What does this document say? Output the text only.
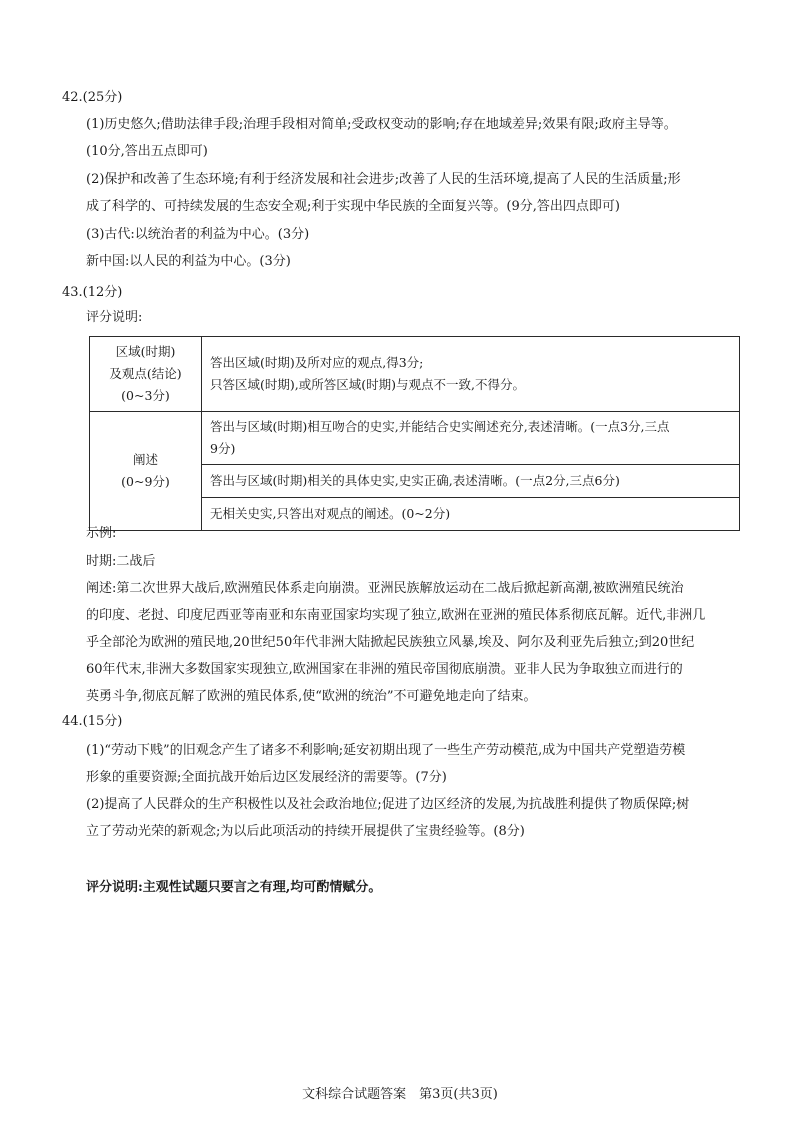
42.(25分)
(1)历史悠久;借助法律手段;治理手段相对简单;受政权变动的影响;存在地域差异;效果有限;政府主导等。
(10分,答出五点即可)
(2)保护和改善了生态环境;有利于经济发展和社会进步;改善了人民的生活环境,提高了人民的生活质量;形
成了科学的、可持续发展的生态安全观;利于实现中华民族的全面复兴等。(9分,答出四点即可)
(3)古代:以统治者的利益为中心。(3分)
新中国:以人民的利益为中心。(3分)
43.(12分)
评分说明:
区域(时期)
及观点(结论)
(0~3分)	答出区域(时期)及所对应的观点,得3分;
只答区域(时期),或所答区域(时期)与观点不一致,不得分。

阐述
(0~9分)	答出与区域(时期)相互吻合的史实,并能结合史实阐述充分,表述清晰。(一点3分,三点
9分)

	答出与区域(时期)相关的具体史实,史实正确,表述清晰。(一点2分,三点6分)
	无相关史实,只答出对观点的阐述。(0~2分)
示例:
时期:二战后
阐述:第二次世界大战后,欧洲殖民体系走向崩溃。亚洲民族解放运动在二战后掀起新高潮,被欧洲殖民统治
的印度、老挝、印度尼西亚等南亚和东南亚国家均实现了独立,欧洲在亚洲的殖民体系彻底瓦解。近代,非洲几
乎全部沦为欧洲的殖民地,20世纪50年代非洲大陆掀起民族独立风暴,埃及、阿尔及利亚先后独立;到20世纪
60年代末,非洲大多数国家实现独立,欧洲国家在非洲的殖民帝国彻底崩溃。亚非人民为争取独立而进行的
英勇斗争,彻底瓦解了欧洲的殖民体系,使“欧洲的统治”不可避免地走向了结束。
44.(15分)
(1)“劳动下贱”的旧观念产生了诸多不利影响;延安初期出现了一些生产劳动模范,成为中国共产党塑造劳模
形象的重要资源;全面抗战开始后边区发展经济的需要等。(7分)
(2)提高了人民群众的生产积极性以及社会政治地位;促进了边区经济的发展,为抗战胜利提供了物质保障;树
立了劳动光荣的新观念;为以后此项活动的持续开展提供了宝贵经验等。(8分)
评分说明:主观性试题只要言之有理,均可酌情赋分。
文科综合试题答案　第3页(共3页)
